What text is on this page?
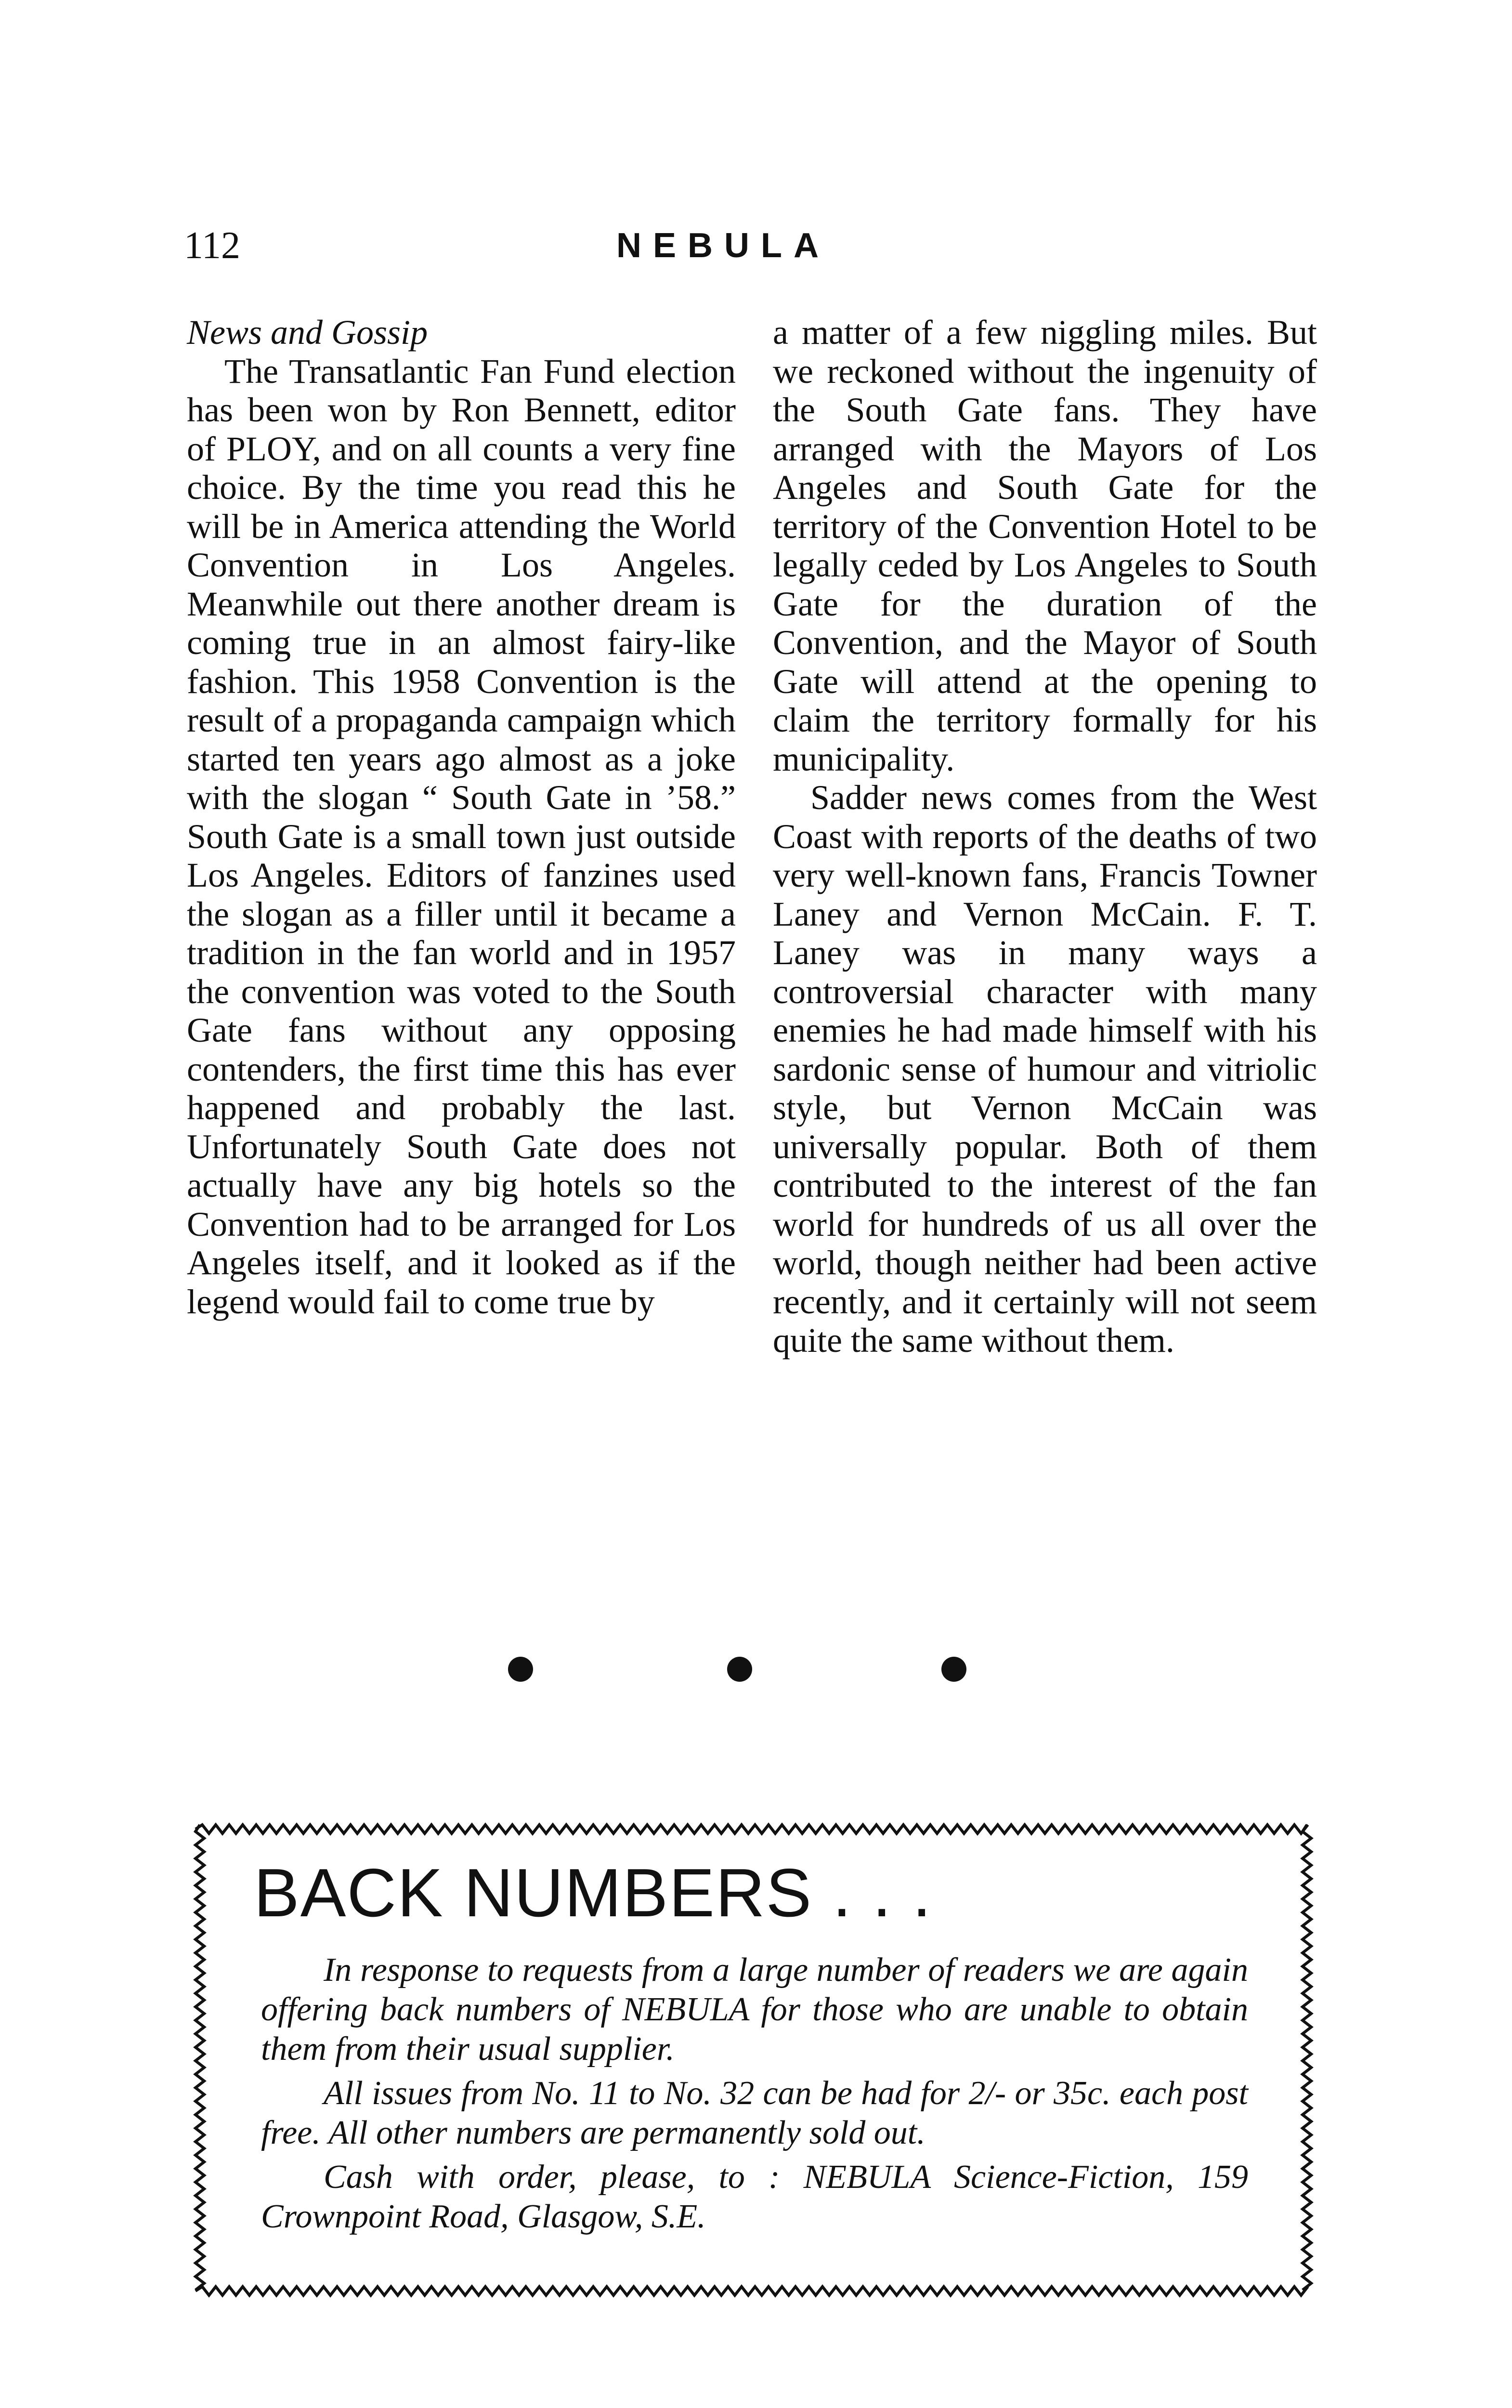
112	NEBULA
News and Gossip

The Transatlantic Fan Fund election has been won by Ron Bennett, editor of PLOY, and on all counts a very fine choice. By the time you read this he will be in America attending the World Convention in Los Angeles. Meanwhile out there another dream is coming true in an almost fairy-like fashion. This 1958 Convention is the result of a propaganda campaign which started ten years ago almost as a joke with the slogan “ South Gate in ’58.” South Gate is a small town just outside Los Angeles. Editors of fanzines used the slogan as a filler until it became a tradition in the fan world and in 1957 the convention was voted to the South Gate fans without any opposing contenders, the first time this has ever happened and probably the last. Unfortunately South Gate does not actually have any big hotels so the Convention had to be arranged for Los Angeles itself, and it looked as if the legend would fail to come true by

a matter of a few niggling miles. But we reckoned without the ingenuity of the South Gate fans. They have arranged with the Mayors of Los Angeles and South Gate for the territory of the Convention Hotel to be legally ceded by Los Angeles to South Gate for the duration of the Convention, and the Mayor of South Gate will attend at the opening to claim the territory formally for his municipality.

Sadder news comes from the West Coast with reports of the deaths of two very well-known fans, Francis Towner Laney and Vernon McCain. F. T. Laney was in many ways a controversial character with many enemies he had made himself with his sardonic sense of humour and vitriolic style, but Vernon McCain was universally popular. Both of them contributed to the interest of the fan world for hundreds of us all over the world, though neither had been active recently, and it certainly will not seem quite the same without them.

BACK NUMBERS . . .

In response to requests from a large number of readers we are again offering back numbers of NEBULA for those who are unable to obtain them from their usual supplier.

All issues from No. 11 to No. 32 can be had for 2/- or 35c. each post free. All other numbers are permanently sold out.

Cash with order, please, to : NEBULA Science-Fiction, 159 Crownpoint Road, Glasgow, S.E.
